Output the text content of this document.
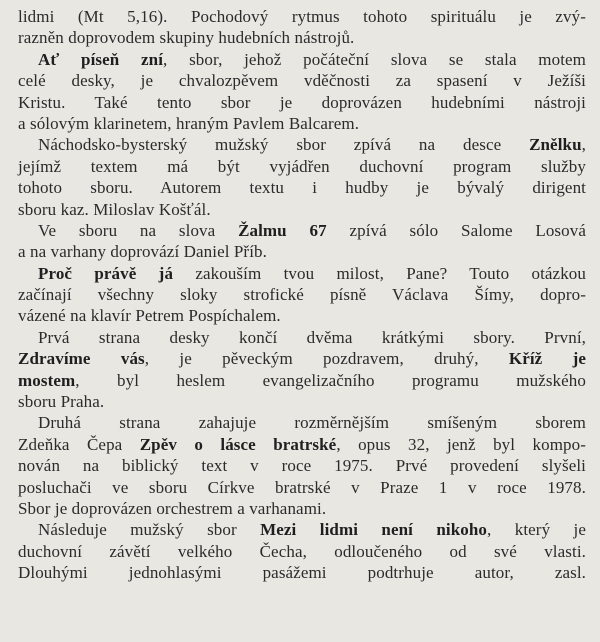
lidmi (Mt 5,16). Pochodový rytmus tohoto spirituálu je zvý-
razněn doprovodem skupiny hudebních nástrojů.
Ať píseň zní, sbor, jehož počáteční slova se stala motem
celé desky, je chvalozpěvem vděčnosti za spasení v Ježíši
Kristu. Také tento sbor je doprovázen hudebními nástroji
a sólovým klarinetem, hraným Pavlem Balcarem.
Náchodsko-bysterský mužský sbor zpívá na desce Znělku,
jejímž textem má být vyjádřen duchovní program služby
tohoto sboru. Autorem textu i hudby je bývalý dirigent
sboru kaz. Miloslav Košťál.
Ve sboru na slova Žalmu 67 zpívá sólo Salome Losová
a na varhany doprovází Daniel Příb.
Proč právě já zakouším tvou milost, Pane? Touto otázkou
začínají všechny sloky strofické písně Václava Šímy, dopro-
vázené na klavír Petrem Pospíchalem.
Prvá strana desky končí dvěma krátkými sbory. První,
Zdravíme vás, je pěveckým pozdravem, druhý, Kříž je
mostem, byl heslem evangelizačního programu mužského
sboru Praha.
Druhá strana zahajuje rozměrnějším smíšeným sborem
Zdeňka Čepa Zpěv o lásce bratrské, opus 32, jenž byl kompo-
nován na biblický text v roce 1975. Prvé provedení slyšeli
posluchači ve sboru Církve bratrské v Praze 1 v roce 1978.
Sbor je doprovázen orchestrem a varhanami.
Následuje mužský sbor Mezi lidmi není nikoho, který je
duchovní závětí velkého Čecha, odloučeného od své vlasti.
Dlouhými jednohlasými pasážemi podtrhuje autor, zasl.
